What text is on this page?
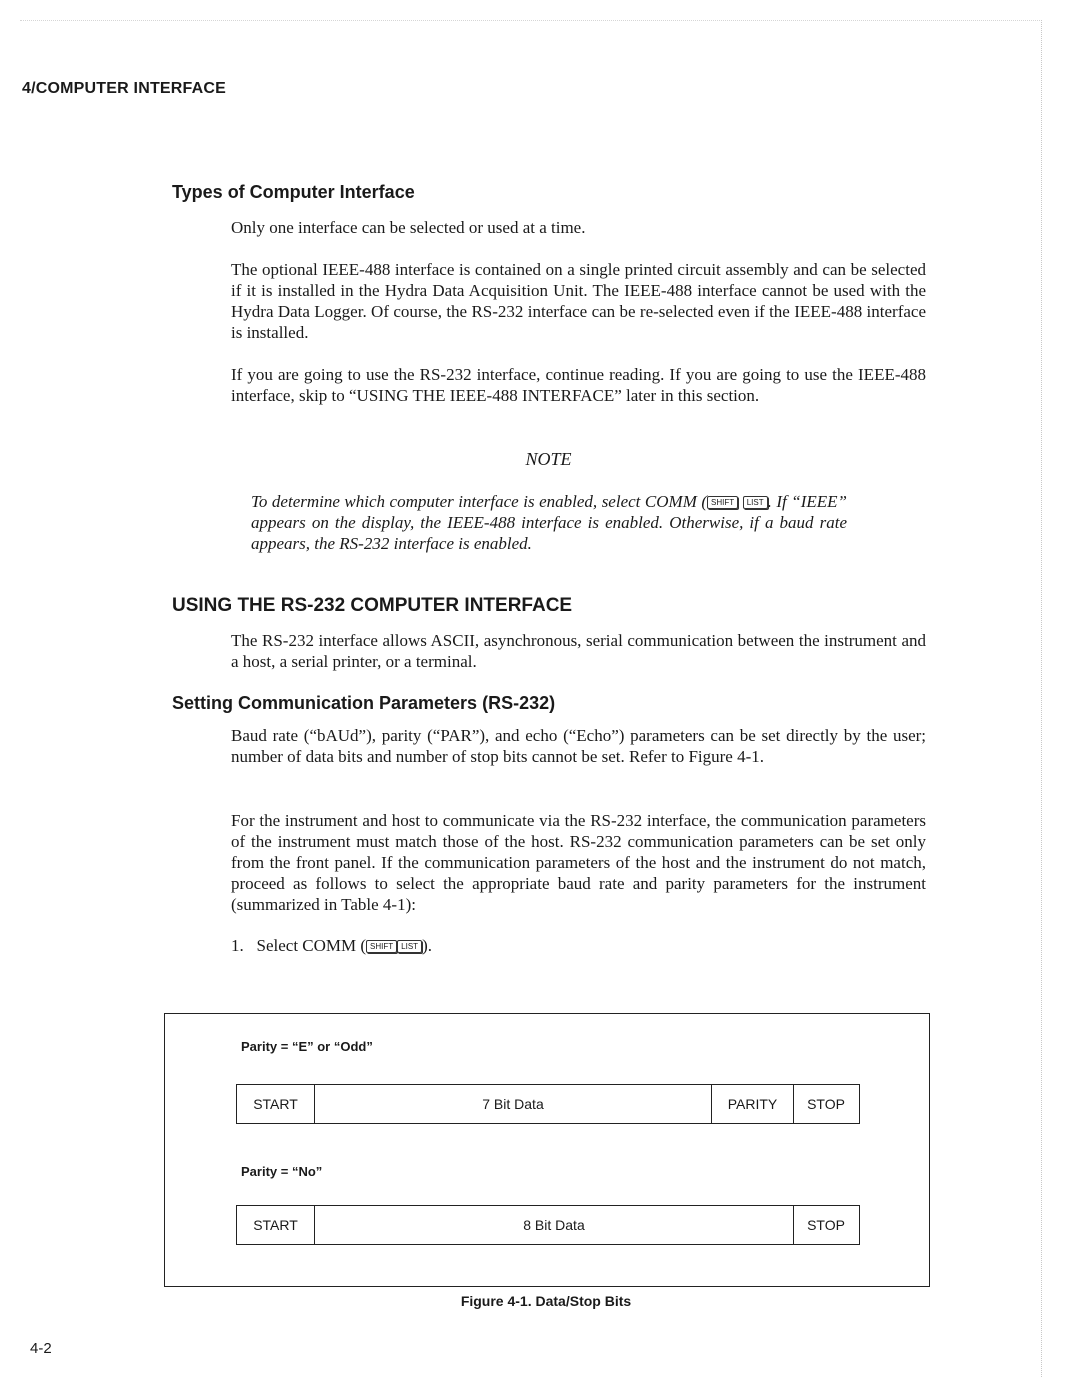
4/COMPUTER INTERFACE
Types of Computer Interface

Only one interface can be selected or used at a time.

The optional IEEE-488 interface is contained on a single printed circuit assembly and can be selected if it is installed in the Hydra Data Acquisition Unit. The IEEE-488 interface cannot be used with the Hydra Data Logger. Of course, the RS-232 interface can be re-selected even if the IEEE-488 interface is installed.

If you are going to use the RS-232 interface, continue reading. If you are going to use the IEEE-488 interface, skip to “USING THE IEEE-488 INTERFACE” later in this section.

NOTE

To determine which computer interface is enabled, select COMM ( SHIFT LIST . If “IEEE” appears on the display, the IEEE-488 interface is enabled. Otherwise, if a baud rate appears, the RS-232 interface is enabled.

USING THE RS-232 COMPUTER INTERFACE

The RS-232 interface allows ASCII, asynchronous, serial communication between the instrument and a host, a serial printer, or a terminal.

Setting Communication Parameters (RS-232)

Baud rate (“bAUd”), parity (“PAR”), and echo (“Echo”) parameters can be set directly by the user; number of data bits and number of stop bits cannot be set. Refer to Figure 4-1.

For the instrument and host to communicate via the RS-232 interface, the communication parameters of the instrument must match those of the host. RS-232 communication parameters can be set only from the front panel. If the communication parameters of the host and the instrument do not match, proceed as follows to select the appropriate baud rate and parity parameters for the instrument (summarized in Table 4-1):

1. Select COMM ( SHIFT LIST ).

Parity = “E” or “Odd”
START	7 Bit Data	PARITY	STOP
Parity = “No”
START	8 Bit Data	STOP
Figure 4-1. Data/Stop Bits
4-2
